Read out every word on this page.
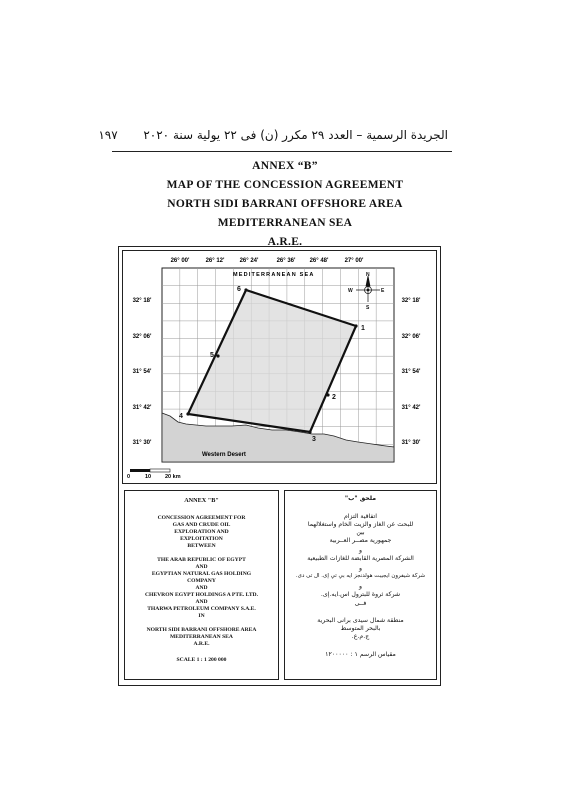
الجريدة الرسمية – العدد ٢٩ مكرر (ن) فى ٢٢ يولية سنة ٢٠٢٠  ١٩٧
ANNEX “B”
MAP OF THE CONCESSION AGREEMENT
NORTH SIDI BARRANI OFFSHORE AREA
MEDITERRANEAN SEA
A.R.E.
1
2
3
4
5
6
MEDITERRANEAN SEA
Western Desert
26° 00'	26° 12'	26° 24'	26° 36' 26° 48'	27° 00'
32° 18'
32° 06'
31° 54'
31° 42'
31° 30'
32° 18'
32° 06'
31° 54'
31° 42'
31° 30'
N
S
E
W
0	10	20 km
ANNEX "B"
CONCESSION AGREEMENT FOR
GAS AND CRUDE OIL
EXPLORATION AND
EXPLOITATION
BETWEEN
THE ARAB REPUBLIC OF EGYPT
AND
EGYPTIAN NATURAL GAS HOLDING
COMPANY
AND
CHEVRON EGYPT HOLDINGS A PTE. LTD.
AND
THARWA PETROLEUM COMPANY S.A.E.
IN
NORTH SIDI BARRANI OFFSHORE AREA
MEDITERRANEAN SEA
A.R.E.
SCALE 1 : 1 200 000
ملحق "ب"
اتفاقية التزام
للبحث عن الغاز والزيت الخام واستغلالهما
بين
جمهورية مصــر العــربية
و
الشركة المصرية القابضة للغازات الطبيعية
و
شركة شيفرون ايجيبت هولدنجز ايه بي تي إى. ال تى دى.
و
شركة ثروة للبترول اس.ايه.إى.
فــى
منطقة شمال سيدى برانى البحرية
بالبحر المتوسط
ج.م.ع.
مقياس الرسم ١ : ١٢٠٠٠٠٠
